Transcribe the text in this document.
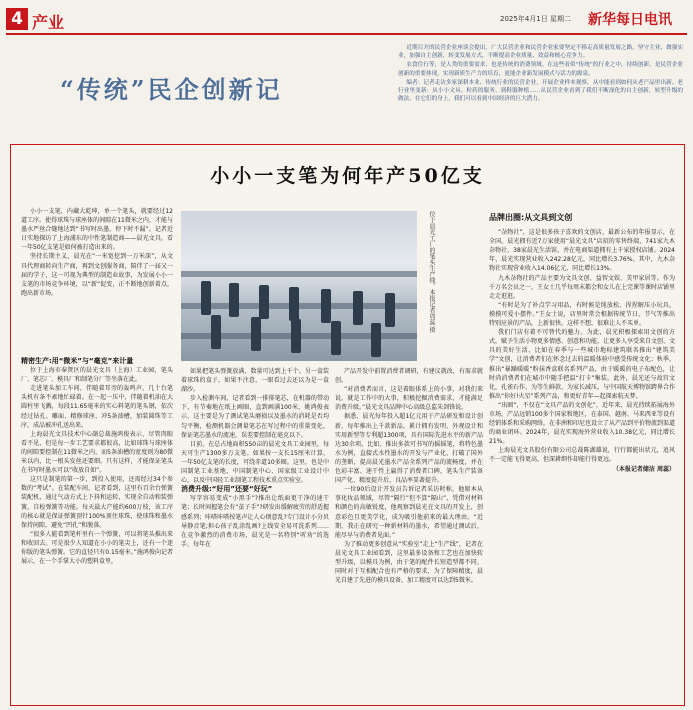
4 产业	2025年4月1日 星期二 新华每日电讯
“传统”民企创新记

近期召开的民营企业座谈会提出，广大民营企业和民营企业家要坚定不移走高质量发展之路，坚守主业、做强实业，加强自主创新，转变发展方式，不断提高企业质量、效益和核心竞争力。

农食住行等，是人类的重要需求，也是传统的消费领域。在这些看似“传统”的行业之中，持续创新，是民营企业创新的重要体现，实现新质生产力的培育，更能企业新发展模式与活力的源泉。

编者：记者走访多家深耕本业、传统行业的民营企业，开展企业样本观察，从中能看到如何从老产品里出新、老行业里变新：从小小文具、粒药的服务、到鞋服种植……从民营企业看到了我们不断深化的自主创新，转型升级的做法，在它们的身上，我们可以看到中国经济的巨大潜力。

小小一支笔为何年产50亿支

小小一支笔，内藏大乾坤，单一个笔头，就要经过12道工序。使得球珠与球座体的间隙在11微米之内，才能与墨水严丝合缝地达到“书写时出墨，停下时不漏”。记者近日实地探访了上海浦东的中性笔制造商——晨光文具，看一年50亿支笔是如何被打造出来的。

坚持长期主义，晨光在“一米宽挖到一万米深”，从文具代理商转向生产商，再到文创服务商，陪伴了一届又一届的学子，这一可视为典型的制造业故事，为发展小小一支笔的市场竞争环境，以“新”促变，正不断地创新着点，跑出新市场。	位于晨光工厂的笔头生产线。本报记者周蕊 摄

精密生产:用“微米”与“毫克”来计量

位于上海市奉贤区的晨光文具（上海）工业园，笔头厂、笔芯厂、模具厂和制笔分厂等坐落在此。

走进笔头加工车间，伴随着耳旁的轰鸣声，几十台笔头机有条不紊地忙碌着。在一起一压中，伴随着机油在大圆柱里飞溅，每段11.65毫米的实心料笔的笔头钢，依次经过钻孔、雕面、精修球座，冲5条油槽，加装圆珠等工序，成品被冲孔送出来。

上海晨光文具技术中心副总裁施鸿俊表示，尽管肉眼看不见，但是每一步工艺要求都很高，比如球珠与球座体的间隙要控制在11微米之内，而5条油槽的宽度则为80微米以内，比一根头发丝还要细。只有这样，才能保证笔头在书写时墨水可以“收放自如”。

这只是制笔的第一步，到投入使用，还需经过34个参数的“考试”。在装配车间，记者看到，这里有百余台弹簧装配机，通过气动方式上下抖和运转，实现全自动和装弹簧，自检弹簧等功能。每天最大产能约600万枝，该工序的核心就是保证弹簧顶针100%顶住球珠，使球珠和墨水保持间隙，避免“凹孔”和脱落。

“很多人能看到笔杆里有一个弹簧，可以将笔头推出来和收回去。可是很少人知道在小小的笔尖上，还有一个迷你版的笔头弹簧。它的直径只有0.15毫米。”施鸿俊向记者展示，在一个手掌大小的塑料盒里，

如果把笔头弹簧放满，数量可达到上千个。另一盒装着球珠的盒子，如果不注意，一眼看过去还以为是一盒湖沙。

步入检测车间，记者看到一排排笔芯，在机器的带动下，有节奏地在纸上画圈，直到画满100米，姚鸿俊表示，这主要是为了测试笔头磨损以及墨水的消耗是否均匀平衡，检测机器会测量笔芯在写过程中的重量变化，保证笔芯墨水的流速，误差要控制在毫克以下。

目前，在总占地面积550亩的晨光文具工业园里，每天可生产1300多万支笔。如果按一支长15厘米计算，一年50亿支笔的长度，可绕赤道10多圈。这里，也是中国制笔工业基地、中国制笔中心、国家级工业设计中心，以及中国轻工业制笔工程技术重点实验室。

消费升级:“好用”还要“好玩”

写字容易变成“小黑手”?推出让纸面更干净的速干笔；长时间握笔会有“茧子手”?研发出缓解疲劳的舒适握感系列；咔嗒咔嗒按笔声让人心烦意乱?专门设计小分贝导静音笔;担心孩子乱涂乱画?上线安全易可洗系列……在竞争激烈的消费市场，晨光是一名特别“听劝”的选手，每年在

产品开发中前置消费者调研，有建议就改，有需求就创。

“对消费者而言，这是着眼体系上的小事，对我们来说，就是工作中的大事，积极挖掘消费需求，才能满足消费升级。”晨光文具品牌中心高级总监朱剑锋说。

据悉，晨光每年投入超1亿元用于产品研发和设计创新，每年推出上千款新品，累计拥有发明、外观设计和实用新型等专利超1300项，具有国际先进水平的新产品达30余项。比如，推出多款可书写的摇摇笔，将特色墨水为例，直接式水性墨水的开发与产业化，打破了国外的垄断，提高晨光墨水产品全系列产品的流畅度，并在色彩丰富、速干性上赢得了消费者口碑，笔头生产装备国产化、精度提升后，良品率显著提升。

一位90后设计开发员告诉记者采访时称，他原本从事化妆品领域，尽管“隔行”但不算“隔山”，凭借对材料和颜色的高敏锐度，他观察到晨光在文具的开发上，创意彩色且更美学化，成为吸引他前来的最大理由。“近期，我正在研究一种新材料的墨水，希望通过测试后，能尽早与消费者见面。”

为了推动更多创意从“实验室”走上“生产线”，记者在晨光文具工业园看到，这里最多设备和工艺也在加快转型升级，以模具为例，由于笔的配件长短造型都不同，同时对于互相配合也有严格的要求，为了保障精度，晨光自建了先进的模具设备，加工精度可以达到5微米。

品牌出圈:从文具到文创

“杂物社”，这是很多孩子喜欢的文创店，最新公布的年报显示，在全国，晨光拥有近7万家使用“晨光文具”店招的零售终端，741家九木杂物社、38家晨光生活馆，并在电商渠道拥有上千家授权店铺。2024年，晨光实现营业收入242.28亿元，同比增长3.76%。其中，九木杂物社实现营业收入14.06亿元，同比增长13%。

九木杂物社的产品主要为文具文创、益智文娱、美甲家居等。作为千万名会员之一，王女士几乎每周末都会和女儿在上完课等课时店铺里走走逛逛。

“有时是为了补点学习用品，有时候是纯放松、捏捏解压小玩具，摸摸可爱小摆件。”王女士说，店里时常会根据传统节日、节气等推出特别应景的产品，上新很快，这样不想，很难让人不买单。

我们门店有着不可替代的魅力。为此，晨光积极探索用文创的方式，赋予生活小物更多情感、创意和功能，让更多人享受来自文创、文具的美好生活，比如在春季与一些城市地标建筑联名推出“建筑美学”文创，让消费者们在怀念过去的温暖体验中感受传统文化；秋季，推出“暴躁暖暖”粉抹香盒联名系列产品，由于暖暖的电子布配色，让时尚消费者们在城市中随手把温“打卡”集装。此外，晨光还与故宫文化，孔雀石作、为等生鲜款、为家长减压，与中国航天博物馆跨界合作推出“你好!火星”系列产品，和更好青年—起探索航天梦。

“出圈”，不仅在“文具产品的文创化”，近年来，晨光持续拓展海外市场，产品远销100多个国家和地区，在泰国、越南、马来西亚等设有经销体系和采购网络，在非洲和印尼也设立了从产品到平价物流到渠道的商业闭环。2024年，晨光实现海外营业收入10.38亿元，同比增长21%。

上海晨光文具股份有限公司总裁陈湖雄说，行行都能出状元，追风不一定能飞得更高，但深耕细作却能行得更远。

（本报记者储洁 周蕊）
